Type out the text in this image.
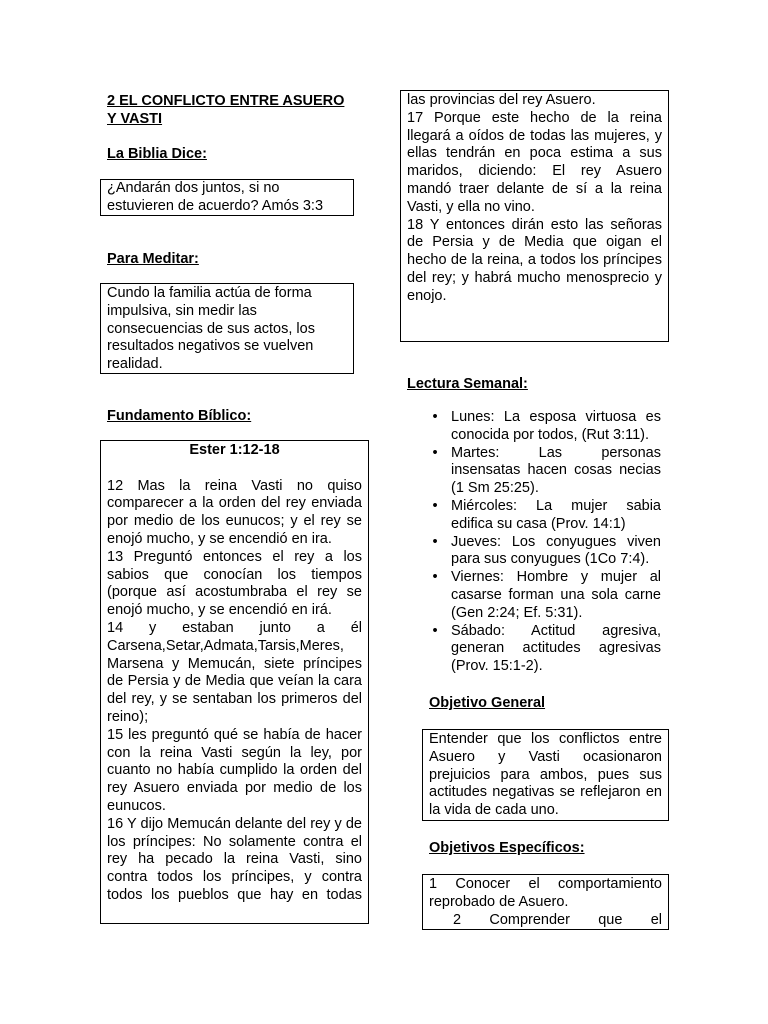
2 EL CONFLICTO ENTRE ASUERO
Y VASTI
La Biblia Dice:
¿Andarán dos juntos, si no estuvieren de acuerdo? Amós 3:3
Para Meditar:
Cundo la familia actúa de forma impulsiva, sin medir las consecuencias de sus actos, los resultados negativos se vuelven realidad.
Fundamento Bíblico:
Ester 1:12-18
12 Mas la reina Vasti no quiso comparecer a la orden del rey enviada por medio de los eunucos; y el rey se enojó mucho, y se encendió en ira.
13 Preguntó entonces el rey a los sabios que conocían los tiempos (porque así acostumbraba el rey se enojó mucho, y se encendió en irá.
14 y estaban junto a él Carsena,Setar,Admata,Tarsis,Meres, Marsena y Memucán, siete príncipes de Persia y de Media que veían la cara del rey, y se sentaban los primeros del reino);
15 les preguntó qué se había de hacer con la reina Vasti según la ley, por cuanto no había cumplido la orden del rey Asuero enviada por medio de los eunucos.
16 Y dijo Memucán delante del rey y de los príncipes: No solamente contra el rey ha pecado la reina Vasti, sino contra todos los príncipes, y contra todos los pueblos que hay en todas
las provincias del rey Asuero.
17 Porque este hecho de la reina llegará a oídos de todas las mujeres, y ellas tendrán en poca estima a sus maridos, diciendo: El rey Asuero mandó traer delante de sí a la reina Vasti, y ella no vino.
18 Y entonces dirán esto las señoras de Persia y de Media que oigan el hecho de la reina, a todos los príncipes del rey; y habrá mucho menosprecio y enojo.
Lectura Semanal:
• Lunes: La esposa virtuosa es conocida por todos, (Rut 3:11).
• Martes: Las personas insensatas hacen cosas necias (1 Sm 25:25).
• Miércoles: La mujer sabia edifica su casa (Prov. 14:1)
• Jueves: Los conyugues viven para sus conyugues (1Co 7:4).
• Viernes: Hombre y mujer al casarse forman una sola carne (Gen 2:24; Ef. 5:31).
• Sábado: Actitud agresiva, generan actitudes agresivas (Prov. 15:1-2).
Objetivo General
Entender que los conflictos entre Asuero y Vasti ocasionaron prejuicios para ambos, pues sus actitudes negativas se reflejaron en la vida de cada uno.
Objetivos Específicos:
1 Conocer el comportamiento reprobado de Asuero.
2 Comprender que el
